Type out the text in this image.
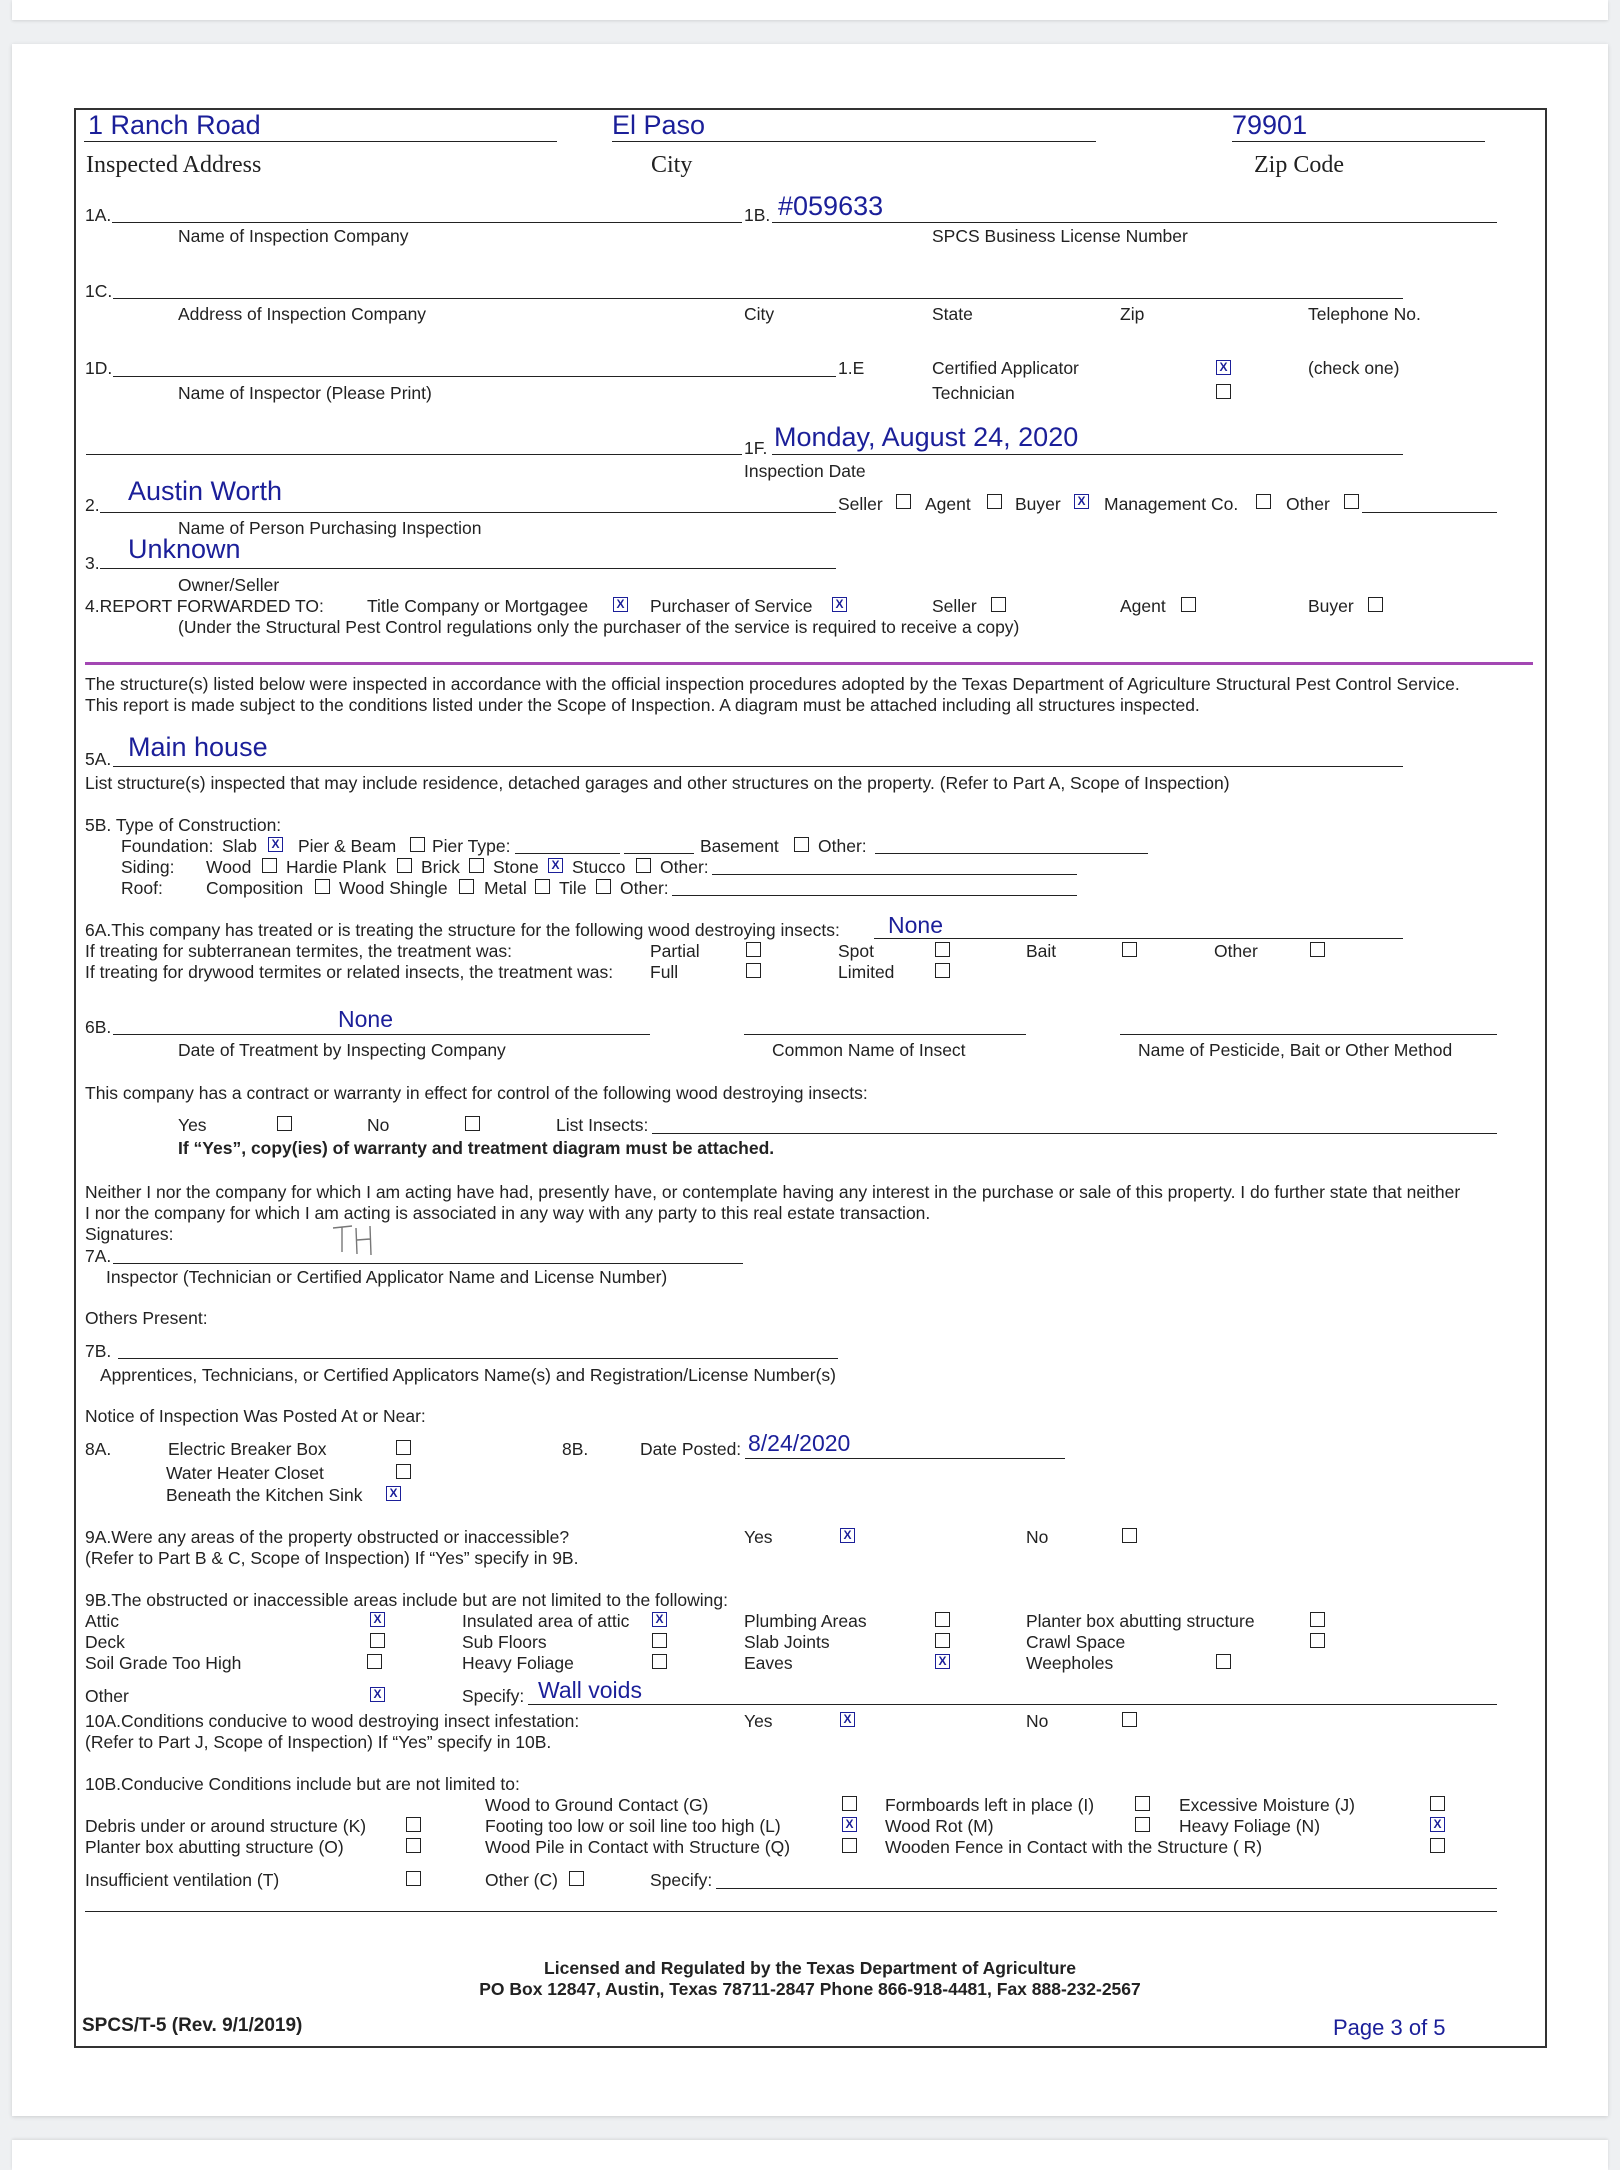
1 Ranch Road
Inspected Address
El Paso
City
79901
Zip Code
1A.	1B. #059633
Name of Inspection Company	SPCS Business License Number
1C.
Address of Inspection Company	City	State	Zip	Telephone No.
1D.	1.E	Certified Applicator	X	(check one)
Name of Inspector (Please Print)	Technician
1F. Monday, August 24, 2020
Inspection Date
2. Austin Worth	Seller Agent	Buyer X Management Co.	Other
Name of Person Purchasing Inspection
3. Unknown
Owner/Seller
4.REPORT FORWARDED TO: Title Company or Mortgagee X Purchaser of Service X	Seller	Agent	Buyer
(Under the Structural Pest Control regulations only the purchaser of the service is required to receive a copy)
The structure(s) listed below were inspected in accordance with the official inspection procedures adopted by the Texas Department of Agriculture Structural Pest Control Service.
This report is made subject to the conditions listed under the Scope of Inspection. A diagram must be attached including all structures inspected.
5A. Main house
List structure(s) inspected that may include residence, detached garages and other structures on the property. (Refer to Part A, Scope of Inspection)
5B. Type of Construction:
Foundation: Slab X Pier & Beam Pier Type:	Basement Other:
Siding: Wood Hardie Plank Brick Stone X Stucco Other:
Roof: Composition Wood Shingle Metal Tile Other:
6A.This company has treated or is treating the structure for the following wood destroying insects: None
If treating for subterranean termites, the treatment was:	Partial	Spot	Bait	Other
If treating for drywood termites or related insects, the treatment was: Full	Limited
6B.	None
Date of Treatment by Inspecting Company	Common Name of Insect	Name of Pesticide, Bait or Other Method
This company has a contract or warranty in effect for control of the following wood destroying insects:
Yes	No	List Insects:
If “Yes”, copy(ies) of warranty and treatment diagram must be attached.
Neither I nor the company for which I am acting have had, presently have, or contemplate having any interest in the purchase or sale of this property. I do further state that neither
I nor the company for which I am acting is associated in any way with any party to this real estate transaction.
Signatures:
7A.
Inspector (Technician or Certified Applicator Name and License Number)
Others Present:
7B.
Apprentices, Technicians, or Certified Applicators Name(s) and Registration/License Number(s)
Notice of Inspection Was Posted At or Near:
8A.	Electric Breaker Box
Water Heater Closet
Beneath the Kitchen Sink X
8B.	Date Posted: 8/24/2020
9A.Were any areas of the property obstructed or inaccessible?	Yes	X	No
(Refer to Part B & C, Scope of Inspection) If “Yes” specify in 9B.
9B.The obstructed or inaccessible areas include but are not limited to the following:
Attic	X	Insulated area of attic X	Plumbing Areas	Planter box abutting structure
Deck	Sub Floors	Slab Joints	Crawl Space
Soil Grade Too High	Heavy Foliage	Eaves	X	Weepholes
Other	X	Specify: Wall voids
10A.Conditions conducive to wood destroying insect infestation:	Yes	X	No
(Refer to Part J, Scope of Inspection) If “Yes” specify in 10B.
10B.Conducive Conditions include but are not limited to:
Wood to Ground Contact (G)	Formboards left in place (I)	Excessive Moisture (J)
Debris under or around structure (K)	Footing too low or soil line too high (L)	X Wood Rot (M)	Heavy Foliage (N)	X
Planter box abutting structure (O)	Wood Pile in Contact with Structure (Q)	Wooden Fence in Contact with the Structure ( R)
Insufficient ventilation (T)	Other (C)	Specify:
Licensed and Regulated by the Texas Department of Agriculture
PO Box 12847, Austin, Texas 78711-2847 Phone 866-918-4481, Fax 888-232-2567
SPCS/T-5 (Rev. 9/1/2019)	Page 3 of 5
